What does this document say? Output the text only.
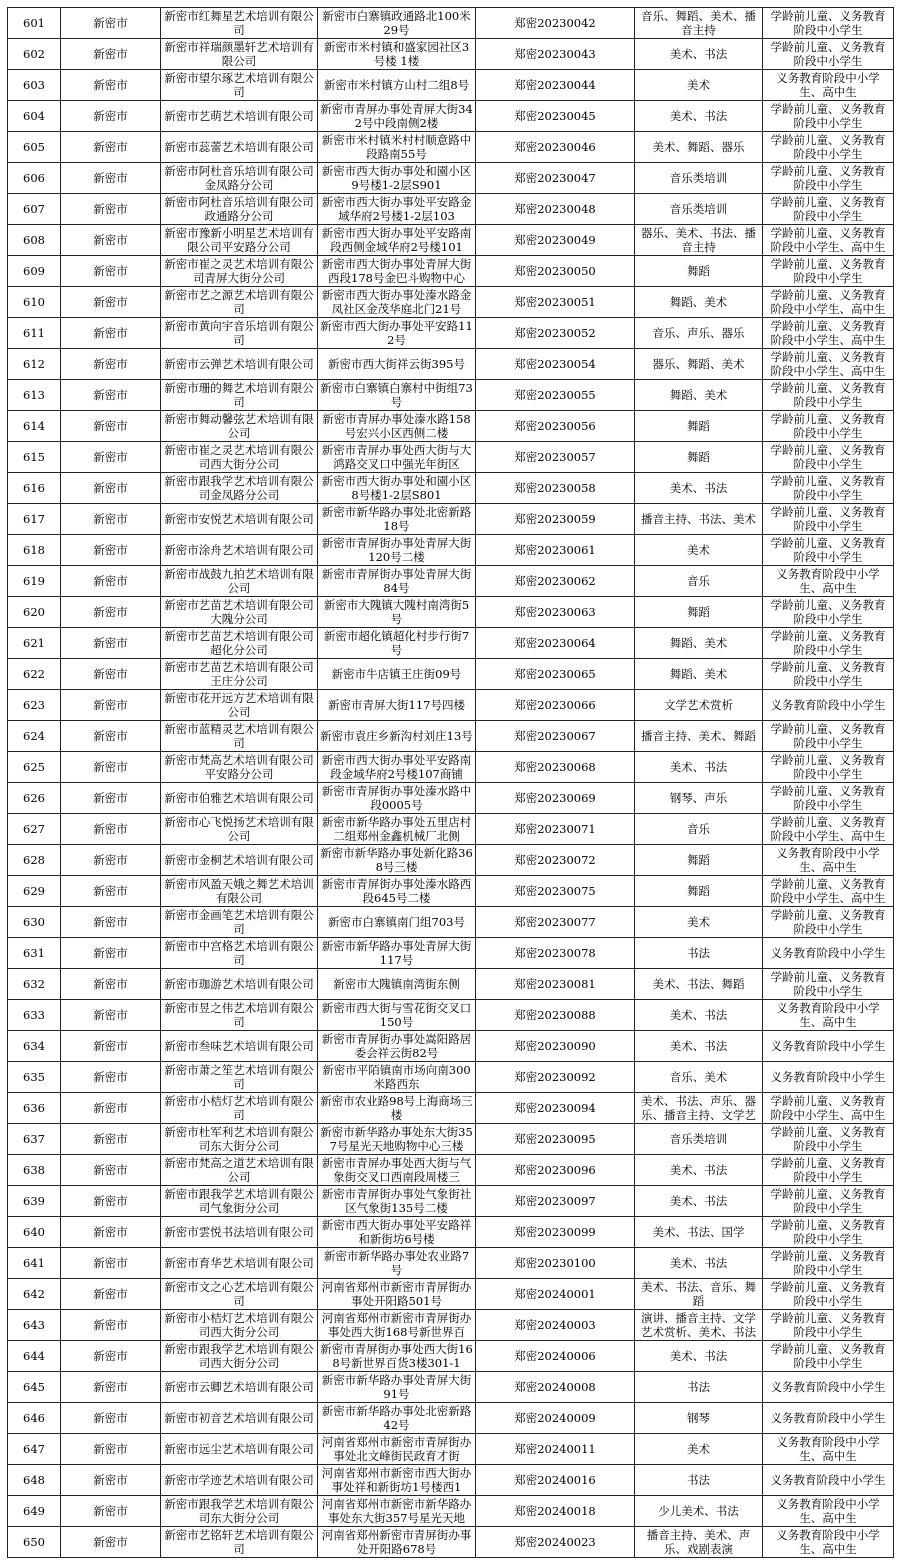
601	新密市	新密市红舞星艺术培训有限公司	新密市白寨镇政通路北100米29号	郑密20230042	音乐、舞蹈、美术、播音主持	学龄前儿童、义务教育阶段中小学生
602	新密市	新密市祥瑞颜墨轩艺术培训有限公司	新密市米村镇和盛家园社区3号楼 1楼	郑密20230043	美术、书法	学龄前儿童、义务教育阶段中小学生
603	新密市	新密市望尔琢艺术培训有限公司	新密市米村镇方山村二组8号	郑密20230044	美术	义务教育阶段中小学生、高中生
604	新密市	新密市艺萌艺术培训有限公司	新密市青屏办事处青屏大街342号中段南侧2楼	郑密20230045	美术、书法	学龄前儿童、义务教育阶段中小学生
605	新密市	新密市蕊蕾艺术培训有限公司	新密市米村镇米村村顺意路中段路南55号	郑密20230046	美术、舞蹈、器乐	学龄前儿童、义务教育阶段中小学生
606	新密市	新密市阿杜音乐培训有限公司金凤路分公司	新密市西大街办事处和園小区9号楼1-2层S901	郑密20230047	音乐类培训	学龄前儿童、义务教育阶段中小学生
607	新密市	新密市阿杜音乐培训有限公司政通路分公司	新密市西大街办事处平安路金域华府2号楼1-2层103	郑密20230048	音乐类培训	学龄前儿童、义务教育阶段中小学生
608	新密市	新密市豫新小明星艺术培训有限公司平安路分公司	新密市西大街办事处平安路南段西侧金域华府2号楼101	郑密20230049	器乐、美术、书法、播音主持	学龄前儿童、义务教育阶段中小学生、高中生
609	新密市	新密市崔之灵艺术培训有限公司青屏大街分公司	新密市西大街办事处青屏大街西段178号金巴斗购物中心	郑密20230050	舞蹈	学龄前儿童、义务教育阶段中小学生
610	新密市	新密市艺之源艺术培训有限公司	新密市西大街办事处溱水路金凤社区金茂华庭北门21号	郑密20230051	舞蹈、美术	学龄前儿童、义务教育阶段中小学生、高中生
611	新密市	新密市黄向宇音乐培训有限公司	新密市西大街办事处平安路112号	郑密20230052	音乐、声乐、器乐	学龄前儿童、义务教育阶段中小学生、高中生
612	新密市	新密市云弹艺术培训有限公司	新密市西大街祥云街395号	郑密20230054	器乐、舞蹈、美术	学龄前儿童、义务教育阶段中小学生、高中生
613	新密市	新密市珊的舞艺术培训有限公司	新密市白寨镇白寨村中街组73号	郑密20230055	舞蹈、美术	学龄前儿童、义务教育阶段中小学生
614	新密市	新密市舞动馨弦艺术培训有限公司	新密市青屏办事处溱水路158号宏兴小区西侧二楼	郑密20230056	舞蹈	学龄前儿童、义务教育阶段中小学生
615	新密市	新密市崔之灵艺术培训有限公司西大街分公司	新密市青屏办事处西大街与大鸿路交叉口中强光年街区	郑密20230057	舞蹈	学龄前儿童、义务教育阶段中小学生
616	新密市	新密市跟我学艺术培训有限公司金凤路分公司	新密市西大街办事处和園小区8号楼1-2层S801	郑密20230058	美术、书法	学龄前儿童、义务教育阶段中小学生
617	新密市	新密市安悦艺术培训有限公司	新密市新华路办事处北密新路18号	郑密20230059	播音主持、书法、美术	学龄前儿童、义务教育阶段中小学生
618	新密市	新密市涂舟艺术培训有限公司	新密市青屏街办事处青屏大街120号二楼	郑密20230061	美术	学龄前儿童、义务教育阶段中小学生
619	新密市	新密市战鼓九拍艺术培训有限公司	新密市青屏街办事处青屏大街84号	郑密20230062	音乐	义务教育阶段中小学生、高中生
620	新密市	新密市艺苗艺术培训有限公司大隗分公司	新密市大隗镇大隗村南湾街5号	郑密20230063	舞蹈	学龄前儿童、义务教育阶段中小学生
621	新密市	新密市艺苗艺术培训有限公司超化分公司	新密市超化镇超化村步行街7号	郑密20230064	舞蹈、美术	学龄前儿童、义务教育阶段中小学生
622	新密市	新密市艺苗艺术培训有限公司王庄分公司	新密市牛店镇王庄街09号	郑密20230065	舞蹈、美术	学龄前儿童、义务教育阶段中小学生
623	新密市	新密市花开远方艺术培训有限公司	新密市青屏大街117号四楼	郑密20230066	文学艺术赏析	义务教育阶段中小学生
624	新密市	新密市蓝精灵艺术培训有限公司	新密市袁庄乡新沟村刘庄13号	郑密20230067	播音主持、美术、舞蹈	学龄前儿童、义务教育阶段中小学生
625	新密市	新密市梵高艺术培训有限公司平安路分公司	新密市西大街办事处平安路南段金域华府2号楼107商铺	郑密20230068	美术、书法	学龄前儿童、义务教育阶段中小学生
626	新密市	新密市伯雅艺术培训有限公司	新密市青屏街办事处溱水路中段0005号	郑密20230069	钢琴、声乐	学龄前儿童、义务教育阶段中小学生
627	新密市	新密市心飞悦扬艺术培训有限公司	新密市新华路办事处五里店村二组郑州金鑫机械厂北侧	郑密20230071	音乐	学龄前儿童、义务教育阶段中小学生、高中生
628	新密市	新密市金桐艺术培训有限公司	新密市新华路办事处新化路368号三楼	郑密20230072	舞蹈	义务教育阶段中小学生、高中生
629	新密市	新密市风盈天娥之舞艺术培训有限公司	新密市青屏街办事处溱水路西段645号二楼	郑密20230075	舞蹈	学龄前儿童、义务教育阶段中小学生、高中生
630	新密市	新密市金画笔艺术培训有限公司	新密市白寨镇南门组703号	郑密20230077	美术	学龄前儿童、义务教育阶段中小学生
631	新密市	新密市中宫格艺术培训有限公司	新密市新华路办事处青屏大街117号	郑密20230078	书法	义务教育阶段中小学生
632	新密市	新密市珈游艺术培训有限公司	新密市大隗镇南湾街东侧	郑密20230081	美术、书法、舞蹈	学龄前儿童、义务教育阶段中小学生
633	新密市	新密市昱之伟艺术培训有限公司	新密市西大街与雪花街交叉口150号	郑密20230088	美术、书法	义务教育阶段中小学生、高中生
634	新密市	新密市叁味艺术培训有限公司	新密市青屏街办事处嵩阳路居委会祥云街82号	郑密20230090	美术、书法	义务教育阶段中小学生
635	新密市	新密市萧之笙艺术培训有限公司	新密市平陌镇南市场向南300米路西东	郑密20230092	音乐、美术	义务教育阶段中小学生
636	新密市	新密市小桔灯艺术培训有限公司	新密市农业路98号上海商场三楼	郑密20230094	美术、书法、声乐、器乐、播音主持、文学艺	学龄前儿童、义务教育阶段中小学生、高中生
637	新密市	新密市杜军利艺术培训有限公司东大街分公司	新密市新华路办事处东大街357号星光天地购物中心三楼	郑密20230095	音乐类培训	学龄前儿童、义务教育阶段中小学生
638	新密市	新密市梵高之道艺术培训有限公司	新密市青屏办事处西大街与气象街交叉口西南段周楼三	郑密20230096	美术、书法	学龄前儿童、义务教育阶段中小学生
639	新密市	新密市跟我学艺术培训有限公司气象街分公司	新密市青屏街办事处气象街社区气象街135号二楼	郑密20230097	美术、书法	学龄前儿童、义务教育阶段中小学生
640	新密市	新密市雲悦书法培训有限公司	新密市西大街办事处平安路祥和新街坊6号楼	郑密20230099	美术、书法、国学	学龄前儿童、义务教育阶段中小学生
641	新密市	新密市育华艺术培训有限公司	新密市新华路办事处农业路7号	郑密20230100	美术、书法	学龄前儿童、义务教育阶段中小学生
642	新密市	新密市文之心艺术培训有限公司	河南省郑州市新密市青屏街办事处开阳路501号	郑密20240001	美术、书法、音乐、舞蹈	学龄前儿童、义务教育阶段中小学生
643	新密市	新密市小桔灯艺术培训有限公司西大街分公司	河南省郑州市新密市青屏街办事处西大街168号新世界百	郑密20240003	演讲、播音主持、文学艺术赏析、美术、书法	学龄前儿童、义务教育阶段中小学生
644	新密市	新密市跟我学艺术培训有限公司西大街分公司	新密市青屏街办事处西大街168号新世界百货3楼301-1	郑密20240006	美术、书法	学龄前儿童、义务教育阶段中小学生
645	新密市	新密市云卿艺术培训有限公司	新密市新华路办事处青屏大街91号	郑密20240008	书法	义务教育阶段中小学生
646	新密市	新密市初音艺术培训有限公司	新密市新华路办事处北密新路42号	郑密20240009	钢琴	义务教育阶段中小学生
647	新密市	新密市远尘艺术培训有限公司	河南省郑州市新密市青屏街办事处北文峰街民政育才街	郑密20240011	美术	义务教育阶段中小学生、高中生
648	新密市	新密市学迹艺术培训有限公司	河南省郑州市新密市西大街办事处祥和新街坊1号楼西1	郑密20240016	书法	义务教育阶段中小学生
649	新密市	新密市跟我学艺术培训有限公司东大街分公司	河南省郑州市新密市新华路办事处东大街357号星光天地	郑密20240018	少儿美术、书法	义务教育阶段中小学生、高中生
650	新密市	新密市艺铭轩艺术培训有限公司	河南省郑州新密市青屏街办事处开阳路678号	郑密20240023	播音主持、美术、声乐、戏剧表演	义务教育阶段中小学生、高中生
